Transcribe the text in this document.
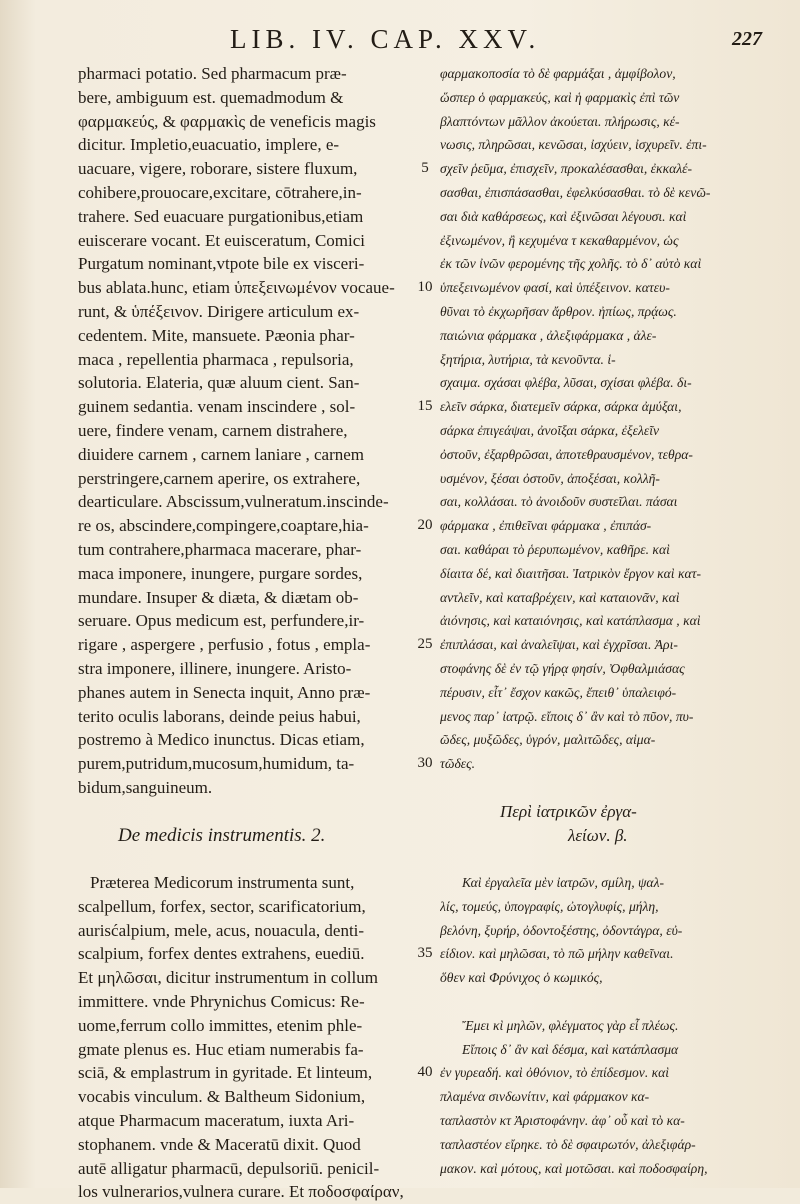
LIB. IV. CAP. XXV.	227
pharmaci potatio. Sed pharmacum præ-
bere, ambiguum est. quemadmodum &
φαρμακεύς, & φαρμακὶς de veneficis magis
dicitur. Impletio,euacuatio, implere, e-
uacuare, vigere, roborare, sistere fluxum,
cohibere,prouocare,excitare, cōtrahere,in-
trahere. Sed euacuare purgationibus,etiam
euiscerare vocant. Et euisceratum, Comici
Purgatum nominant,vtpote bile ex visceri-
bus ablata.hunc, etiam ὑπεξεινωμένον vocaue-
runt, & ὑπέξεινον. Dirigere articulum ex-
cedentem. Mite, mansuete. Pæonia phar-
maca , repellentia pharmaca , repulsoria,
solutoria. Elateria, quæ aluum cient. San-
guinem sedantia. venam inscindere , sol-
uere, findere venam, carnem distrahere,
diuidere carnem , carnem laniare , carnem
perstringere,carnem aperire, os extrahere,
dearticulare. Abscissum,vulneratum.inscinde-
re os, abscindere,compingere,coaptare,hia-
tum contrahere,pharmaca macerare, phar-
maca imponere, inungere, purgare sordes,
mundare. Insuper & diæta, & diætam ob-
seruare. Opus medicum est, perfundere,ir-
rigare , aspergere , perfusio , fotus , empla-
stra imponere, illinere, inungere. Aristo-
phanes autem in Senecta inquit, Anno præ-
terito oculis laborans, deinde peius habui,
postremo à Medico inunctus. Dicas etiam,
purem,putridum,mucosum,humidum, ta-
bidum,sanguineum.
De medicis instrumentis. 2.
Præterea Medicorum instrumenta sunt,
scalpellum, forfex, sector, scarificatorium,
aurisćalpium, mele, acus, nouacula, denti-
scalpium, forfex dentes extrahens, euediū.
Et μηλῶσαι, dicitur instrumentum in collum
immittere. vnde Phrynichus Comicus: Re-
uome,ferrum collo immittes, etenim phle-
gmate plenus es. Huc etiam numerabis fa-
sciā, & emplastrum in gyritade. Et linteum,
vocabis vinculum. & Baltheum Sidonium,
atque Pharmacum maceratum, iuxta Ari-
stophanem. vnde & Maceratū dixit. Quod
autē alligatur pharmacū, depulsoriū. penicil-
los vulnerarios,vulnera curare. Et ποδοσφαίραν,
5
10
15
20
25
30
35
40
φαρμακοποσία τὸ δὲ φαρμάξαι , ἀμφίβολον,
ὥσπερ ὁ φαρμακεύς, καὶ ἡ φαρμακὶς ἐπὶ τῶν
βλαπτόντων μᾶλλον ἀκούεται. πλήρωσις, κέ-
νωσις, πληρῶσαι, κενῶσαι, ἰσχύειν, ἰσχυρεῖν. ἐπι-
σχεῖν ῥεῦμα, ἐπισχεῖν, προκαλέσασθαι, ἐκκαλέ-
σασθαι, ἐπισπάσασθαι, ἐφελκύσασθαι. τὸ δὲ κενῶ-
σαι διὰ καθάρσεως, καὶ ἐξινῶσαι λέγουσι. καὶ
ἐξινωμένον, ἢ κεχυμένα τ κεκαθαρμένον, ὡς
ἐκ τῶν ἰνῶν φερομένης τῆς χολῆς. τὸ δ᾽ αὐτὸ καὶ
ὑπεξεινωμένον φασί, καὶ ὑπέξεινον. κατευ-
θῦναι τὸ ἐκχωρῆσαν ἄρθρον. ἠπίως, πρᾴως.
παιώνια φάρμακα , ἀλεξιφάρμακα , ἀλε-
ξητήρια, λυτήρια, τὰ κενοῦντα. ἱ-
σχαιμα. σχάσαι φλέβα, λῦσαι, σχίσαι φλέβα. δι-
ελεῖν σάρκα, διατεμεῖν σάρκα, σάρκα ἀμύξαι,
σάρκα ἐπιγεάψαι, ἀνοῖξαι σάρκα, ἐξελεῖν
ὀστοῦν, ἐξαρθρῶσαι, ἀποτεθραυσμένον, τεθρα-
υσμένον, ξέσαι ὀστοῦν, ἀποξέσαι, κολλῆ-
σαι, κολλάσαι. τὸ ἀνοιδοῦν συστεῖλαι. πάσαι
φάρμακα , ἐπιθεῖναι φάρμακα , ἐπιπάσ-
σαι. καθάραι τὸ ῥερυπωμένον, καθῆρε. καὶ
δίαιτα δέ, καὶ διαιτῆσαι. Ἰατρικὸν ἔργον καὶ κατ-
αντλεῖν, καὶ καταβρέχειν, καὶ καταιονᾶν, καὶ
ἀιόνησις, καὶ καταιόνησις, καὶ κατάπλασμα , καὶ
ἐπιπλάσαι, καὶ ἀναλεῖψαι, καὶ ἐγχρῖσαι. Ἀρι-
στοφάνης δὲ ἐν τῷ γήρᾳ φησίν, Ὀφθαλμιάσας
πέρυσιν, εἶτ᾽ ἔσχον κακῶς, ἔπειθ᾽ ὑπαλειφό-
μενος παρ᾽ ἰατρῷ. εἴποις δ᾽ ἂν καὶ τὸ πῦον, πυ-
ῶδες, μυξῶδες, ὑγρόν, μαλιτῶδες, αἱμα-
τῶδες.
Περὶ ἰατρικῶν ἐργα-
λείων. β.
Καὶ ἐργαλεῖα μὲν ἰατρῶν, σμίλη, ψαλ-
λίς, τομεύς, ὑπογραφίς, ὠτογλυφίς, μήλη,
βελόνη, ξυρήρ, ὀδοντοξέστης, ὀδοντάγρα, εὐ-
είδιον. καὶ μηλῶσαι, τὸ πῶ μήλην καθεῖναι.
ὅθεν καὶ Φρύνιχος ὁ κωμικός,
Ἔμει κὶ μηλῶν, φλέγματος γὰρ εἶ πλέως.
Εἴποις δ᾽ ἂν καὶ δέσμα, καὶ κατάπλασμα
ἐν γυρεαδή. καὶ ὀθόνιον, τὸ ἐπίδεσμον. καὶ
πλαμένα σινδωνίτιν, καὶ φάρμακον κα-
ταπλαστὸν κτ Ἀριστοφάνην. ἀφ᾽ οὗ καὶ τὸ κα-
ταπλαστέον εἴρηκε. τὸ δὲ σφαιρωτόν, ἀλεξιφάρ-
μακον. καὶ μότους, καὶ μοτῶσαι. καὶ ποδοσφαίρη,
